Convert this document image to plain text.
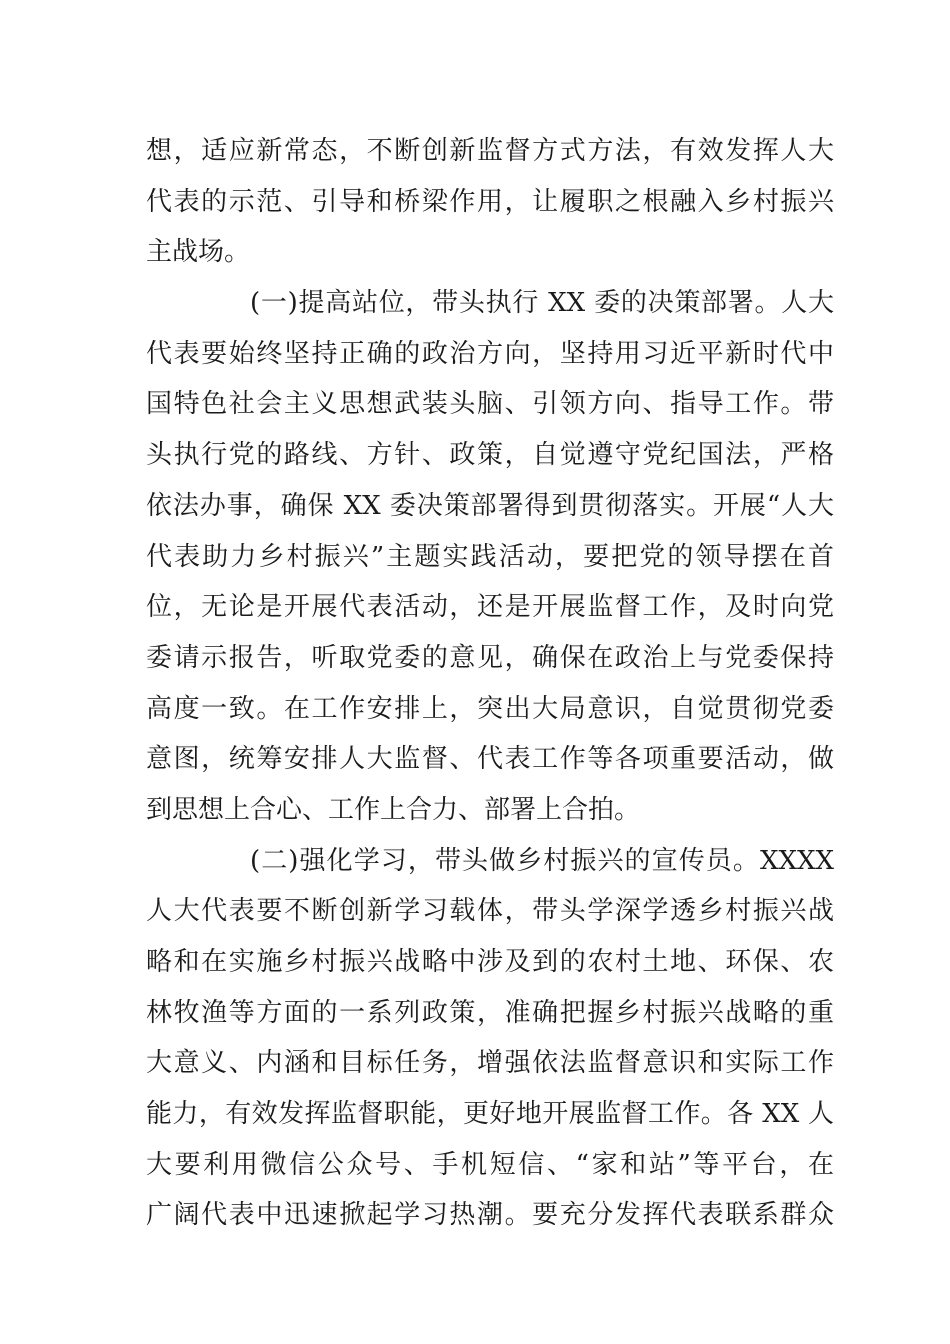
想，适应新常态，不断创新监督方式方法，有效发挥人大
代表的示范、引导和桥梁作用，让履职之根融入乡村振兴
主战场。
(一)提高站位，带头执行 XX 委的决策部署。人大
代表要始终坚持正确的政治方向，坚持用习近平新时代中
国特色社会主义思想武装头脑、引领方向、指导工作。带
头执行党的路线、方针、政策，自觉遵守党纪国法，严格
依法办事，确保 XX 委决策部署得到贯彻落实。开展“人大
代表助力乡村振兴”主题实践活动，要把党的领导摆在首
位，无论是开展代表活动，还是开展监督工作，及时向党
委请示报告，听取党委的意见，确保在政治上与党委保持
高度一致。在工作安排上，突出大局意识，自觉贯彻党委
意图，统筹安排人大监督、代表工作等各项重要活动，做
到思想上合心、工作上合力、部署上合拍。
(二)强化学习，带头做乡村振兴的宣传员。XXXX
人大代表要不断创新学习载体，带头学深学透乡村振兴战
略和在实施乡村振兴战略中涉及到的农村土地、环保、农
林牧渔等方面的一系列政策，准确把握乡村振兴战略的重
大意义、内涵和目标任务，增强依法监督意识和实际工作
能力，有效发挥监督职能，更好地开展监督工作。各 XX 人
大要利用微信公众号、手机短信、“家和站”等平台，在
广阔代表中迅速掀起学习热潮。要充分发挥代表联系群众
